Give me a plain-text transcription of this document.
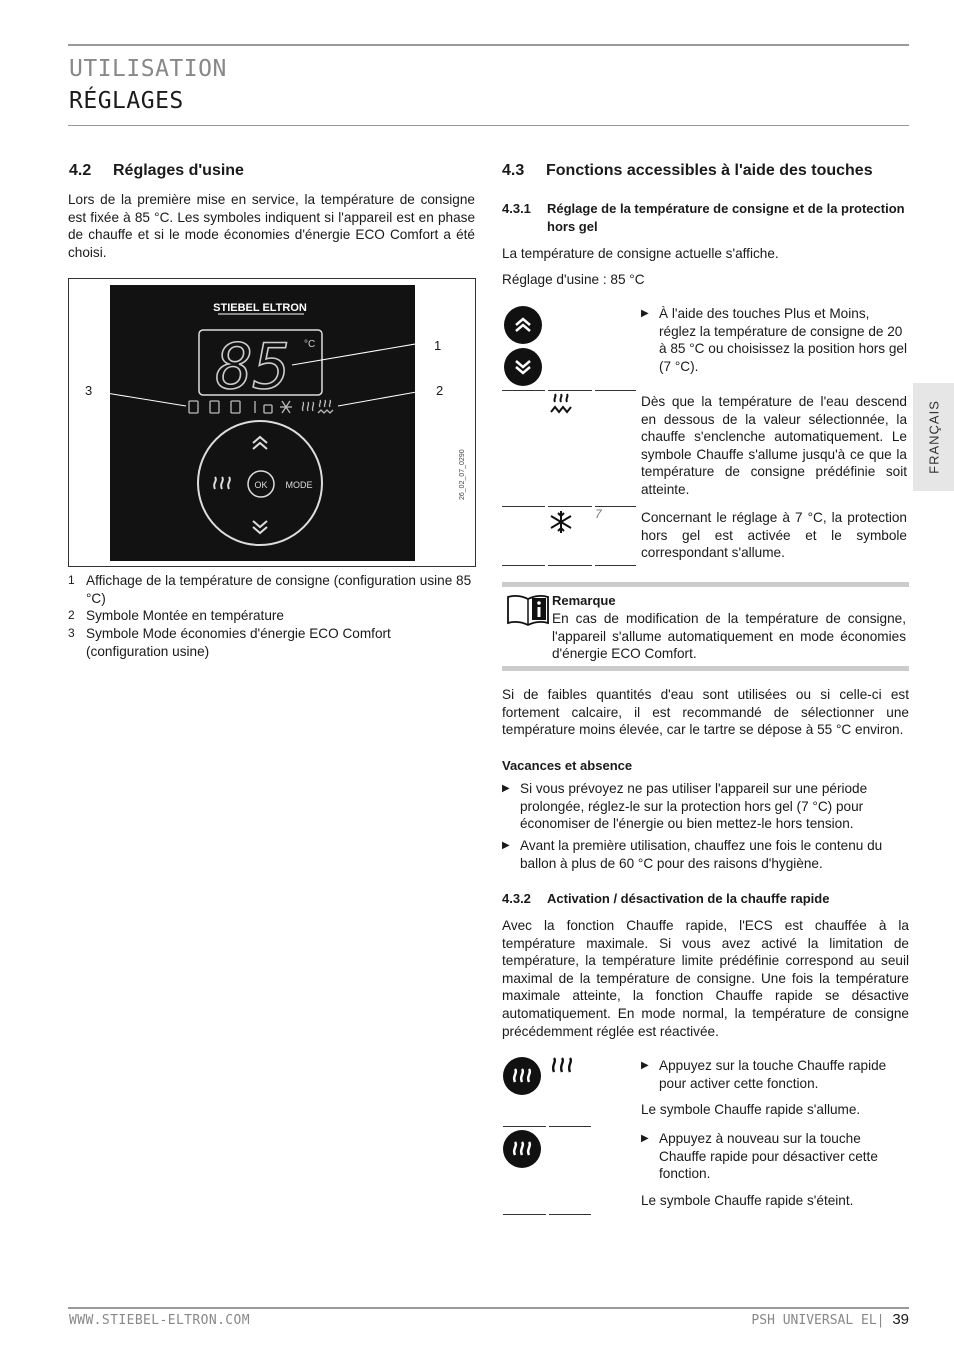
UTILISATION
RÉGLAGES
FRANÇAIS
4.2 Réglages d'usine
Lors de la première mise en service, la température de consigne est fixée à 85 °C. Les symboles indiquent si l'appareil est en phase de chauffe et si le mode économies d'énergie ECO Comfort a été choisi.
STIEBEL ELTRON
85 °C
OK MODE
1
2
3
26_02_07_0290
1 Affichage de la température de consigne (configuration usine 85 °C)
2 Symbole Montée en température
3 Symbole Mode économies d'énergie ECO Comfort (configuration usine)
4.3 Fonctions accessibles à l'aide des touches
4.3.1	Réglage de la température de consigne et de la protection hors gel
La température de consigne actuelle s'affiche.
Réglage d'usine : 85 °C
▶ À l'aide des touches Plus et Moins, réglez la température de consigne de 20 à 85 °C ou choisissez la position hors gel (7 °C).
Dès que la température de l'eau descend en dessous de la valeur sélectionnée, la chauffe s'enclenche automatiquement. Le symbole Chauffe s'allume jusqu'à ce que la température de consigne prédéfinie soit atteinte.
7	Concernant le réglage à 7 °C, la protection hors gel est activée et le symbole correspondant s'allume.
Remarque
En cas de modification de la température de consigne, l'appareil s'allume automatiquement en mode économies d'énergie ECO Comfort.
Si de faibles quantités d'eau sont utilisées ou si celle-ci est fortement calcaire, il est recommandé de sélectionner une température moins élevée, car le tartre se dépose à 55 °C environ.
Vacances et absence
▶ Si vous prévoyez ne pas utiliser l'appareil sur une période prolongée, réglez-le sur la protection hors gel (7 °C) pour économiser de l'énergie ou bien mettez-le hors tension.
▶ Avant la première utilisation, chauffez une fois le contenu du ballon à plus de 60 °C pour des raisons d'hygiène.
4.3.2	Activation / désactivation de la chauffe rapide
Avec la fonction Chauffe rapide, l'ECS est chauffée à la température maximale. Si vous avez activé la limitation de température, la température limite prédéfinie correspond au seuil maximal de la température de consigne. Une fois la température maximale atteinte, la fonction Chauffe rapide se désactive automatiquement. En mode normal, la température de consigne précédemment réglée est réactivée.
▶ Appuyez sur la touche Chauffe rapide pour activer cette fonction.
Le symbole Chauffe rapide s'allume.
▶ Appuyez à nouveau sur la touche Chauffe rapide pour désactiver cette fonction.
Le symbole Chauffe rapide s'éteint.
WWW.STIEBEL-ELTRON.COM	PSH UNIVERSAL EL| 39
